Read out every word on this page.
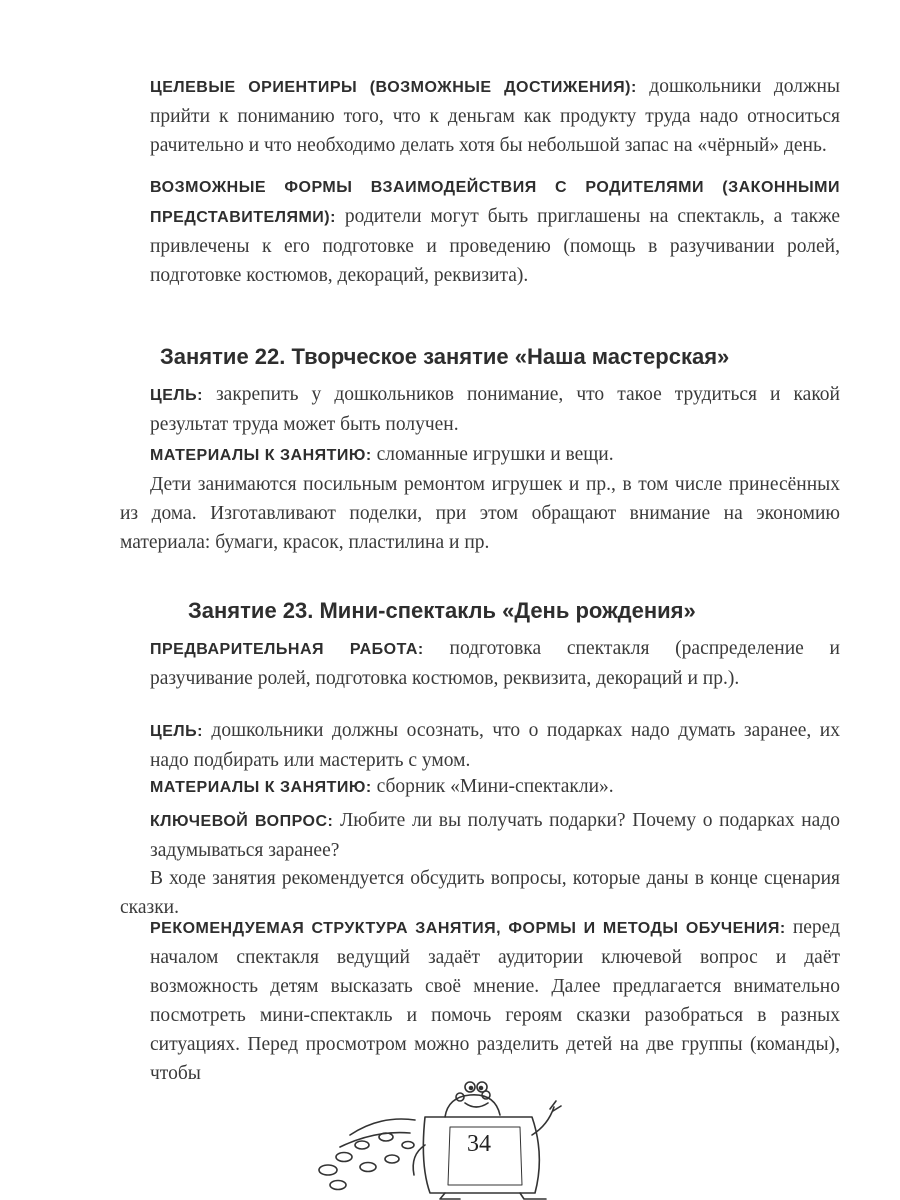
ЦЕЛЕВЫЕ ОРИЕНТИРЫ (ВОЗМОЖНЫЕ ДОСТИЖЕНИЯ): дошкольники должны прийти к пониманию того, что к деньгам как продукту труда надо относиться рачительно и что необходимо делать хотя бы небольшой запас на «чёрный» день.

ВОЗМОЖНЫЕ ФОРМЫ ВЗАИМОДЕЙСТВИЯ С РОДИТЕЛЯМИ (ЗАКОННЫМИ ПРЕДСТАВИТЕЛЯМИ): родители могут быть приглашены на спектакль, а также привлечены к его подготовке и проведению (помощь в разучивании ролей, подготовке костюмов, декораций, реквизита).

Занятие 22. Творческое занятие «Наша мастерская»

ЦЕЛЬ: закрепить у дошкольников понимание, что такое трудиться и какой результат труда может быть получен.

МАТЕРИАЛЫ К ЗАНЯТИЮ: сломанные игрушки и вещи.

Дети занимаются посильным ремонтом игрушек и пр., в том числе принесённых из дома. Изготавливают поделки, при этом обращают внимание на экономию материала: бумаги, красок, пластилина и пр.

Занятие 23. Мини-спектакль «День рождения»

ПРЕДВАРИТЕЛЬНАЯ РАБОТА: подготовка спектакля (распределение и разучивание ролей, подготовка костюмов, реквизита, декораций и пр.).

ЦЕЛЬ: дошкольники должны осознать, что о подарках надо думать заранее, их надо подбирать или мастерить с умом.

МАТЕРИАЛЫ К ЗАНЯТИЮ: сборник «Мини-спектакли».

КЛЮЧЕВОЙ ВОПРОС: Любите ли вы получать подарки? Почему о подарках надо задумываться заранее?

В ходе занятия рекомендуется обсудить вопросы, которые даны в конце сценария сказки.

РЕКОМЕНДУЕМАЯ СТРУКТУРА ЗАНЯТИЯ, ФОРМЫ И МЕТОДЫ ОБУЧЕНИЯ: перед началом спектакля ведущий задаёт аудитории ключевой вопрос и даёт возможность детям высказать своё мнение. Далее предлагается внимательно посмотреть мини-спектакль и помочь героям сказки разобраться в разных ситуациях. Перед просмотром можно разделить детей на две группы (команды), чтобы

34
